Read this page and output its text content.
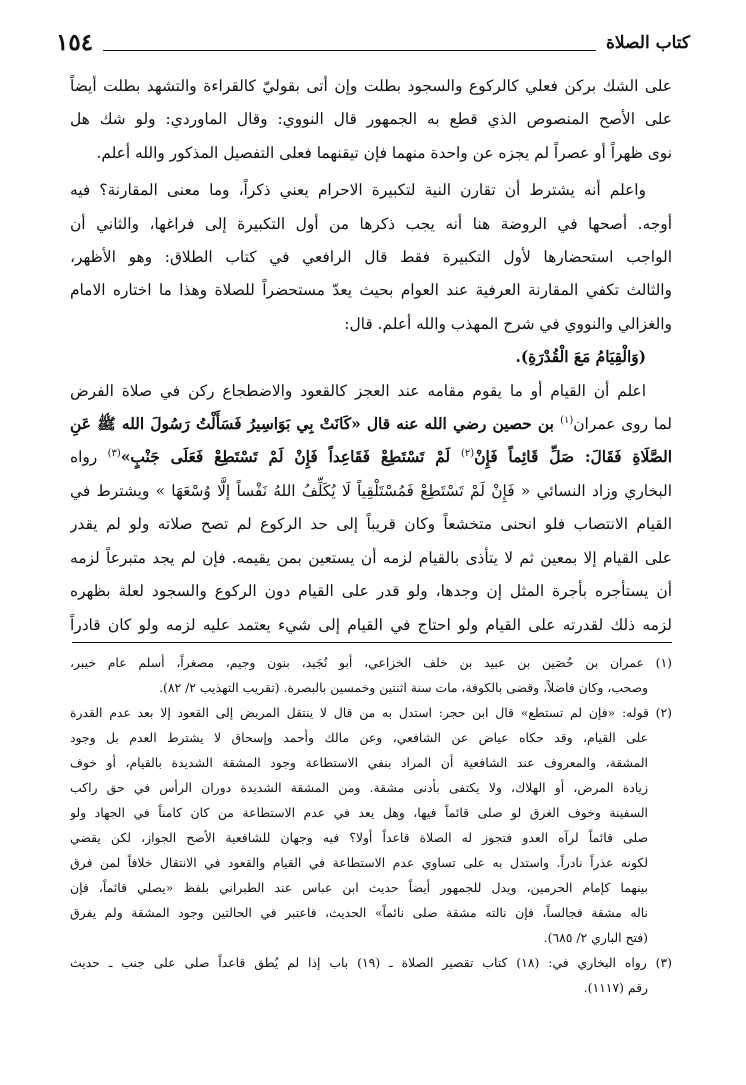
١٥٤	كتاب الصلاة
على الشك بركن فعلي كالركوع والسجود بطلت وإن أتى بقوليّ كالقراءة والتشهد بطلت أيضاً
على الأصح المنصوص الذي قطع به الجمهور قال النووي: وقال الماوردي: ولو شك هل
نوى ظهراً أو عصراً لم يجزه عن واحدة منهما فإن تيقنهما فعلى التفصيل المذكور والله أعلم.
واعلم أنه يشترط أن تقارن النية لتكبيرة الاحرام يعني ذكراً، وما معنى المقارنة؟ فيه
أوجه. أصحها في الروضة هنا أنه يجب ذكرها من أول التكبيرة إلى فراغها، والثاني أن
الواجب استحضارها لأول التكبيرة فقط قال الرافعي في كتاب الطلاق: وهو الأظهر،
والثالث تكفي المقارنة العرفية عند العوام بحيث يعدّ مستحضراً للصلاة وهذا ما اختاره الامام
والغزالي والنووي في شرح المهذب والله أعلم. قال:
(وَالْقِيَامُ مَعَ الْقُدْرَةِ).
اعلم أن القيام أو ما يقوم مقامه عند العجز كالقعود والاضطجاع ركن في صلاة الفرض
لما روى عمران$^{(١)}$ بن حصين رضي الله عنه قال «كَانَتْ بِي بَوَاسِيرُ فَسَأَلْتُ رَسُولَ الله ﷺ عَنِ
الصَّلَاةِ فَقَالَ: صَلِّ قَائِماً فَإِنْ$^{(٢)}$ لَمْ تَسْتَطِعْ فَقَاعِداً فَإِنْ لَمْ تَسْتَطِعْ فَعَلَى جَنْبٍ»$^{(٣)}$ رواه
البخاري وزاد النسائي « فَإِنْ لَمْ تَسْتَطِعْ فَمُسْتَلْقِياً لَا يُكَلِّفُ اللهُ نَفْساً إلَّا وُسْعَهَا » ويشترط في
القيام الانتصاب فلو انحنى متخشعاً وكان قريباً إلى حد الركوع لم تصح صلاته ولو لم يقدر
على القيام إلا بمعين ثم لا يتأذى بالقيام لزمه أن يستعين بمن يقيمه. فإن لم يجد متبرعاً لزمه
أن يستأجره بأجرة المثل إن وجدها، ولو قدر على القيام دون الركوع والسجود لعلة بظهره
لزمه ذلك لقدرته على القيام ولو احتاج في القيام إلى شيء يعتمد عليه لزمه ولو كان قادراً
(١) عمران بن حُصَين بن عبيد بن خلف الخزاعي، أبو نُجَيد، بنون وجيم، مصغراً، أسلم عام خيبر،
وصحب، وكان فاضلاً، وقضى بالكوفة، مات سنة اثنتين وخمسين بالبصرة. (تقريب التهذيب ٢/ ٨٢).
(٢) قوله: «فإن لم تستطع» قال ابن حجر: استدل به من قال لا ينتقل المريض إلى القعود إلا بعد عدم القدرة
على القيام، وقد حكاه عياض عن الشافعي، وعن مالك وأحمد وإسحاق لا يشترط العدم بل وجود
المشقة، والمعروف عند الشافعية أن المراد بنفي الاستطاعة وجود المشقة الشديدة بالقيام، أو خوف
زيادة المرض، أو الهلاك، ولا يكتفى بأدنى مشقة. ومن المشقة الشديدة دوران الرأس في حق راكب
السفينة وخوف الغرق لو صلى قائماً فيها، وهل يعد في عدم الاستطاعة من كان كامناً في الجهاد ولو
صلى قائماً لرآه العدو فتجوز له الصلاة قاعداً أولا؟ فيه وجهان للشافعية الأصح الجواز، لكن يقضي
لكونه عذراً نادراً. واستدل به على تساوي عدم الاستطاعة في القيام والقعود في الانتقال خلافاً لمن فرق
بينهما كإمام الحرمين، ويدل للجمهور أيضاً حديث ابن عباس عند الطبراني بلفظ «يصلي قائماً، فإن
ناله مشقة فجالساً، فإن نالته مشقة صلى نائماً» الحديث، فاعتبر في الحالتين وجود المشقة ولم يفرق
(فتح الباري ٢/ ٦٨٥).
(٣) رواه البخاري في: (١٨) كتاب تقصير الصلاة ـ (١٩) باب إذا لم يُطق قاعداً صلى على جنب ـ حديث
رقم (١١١٧).
